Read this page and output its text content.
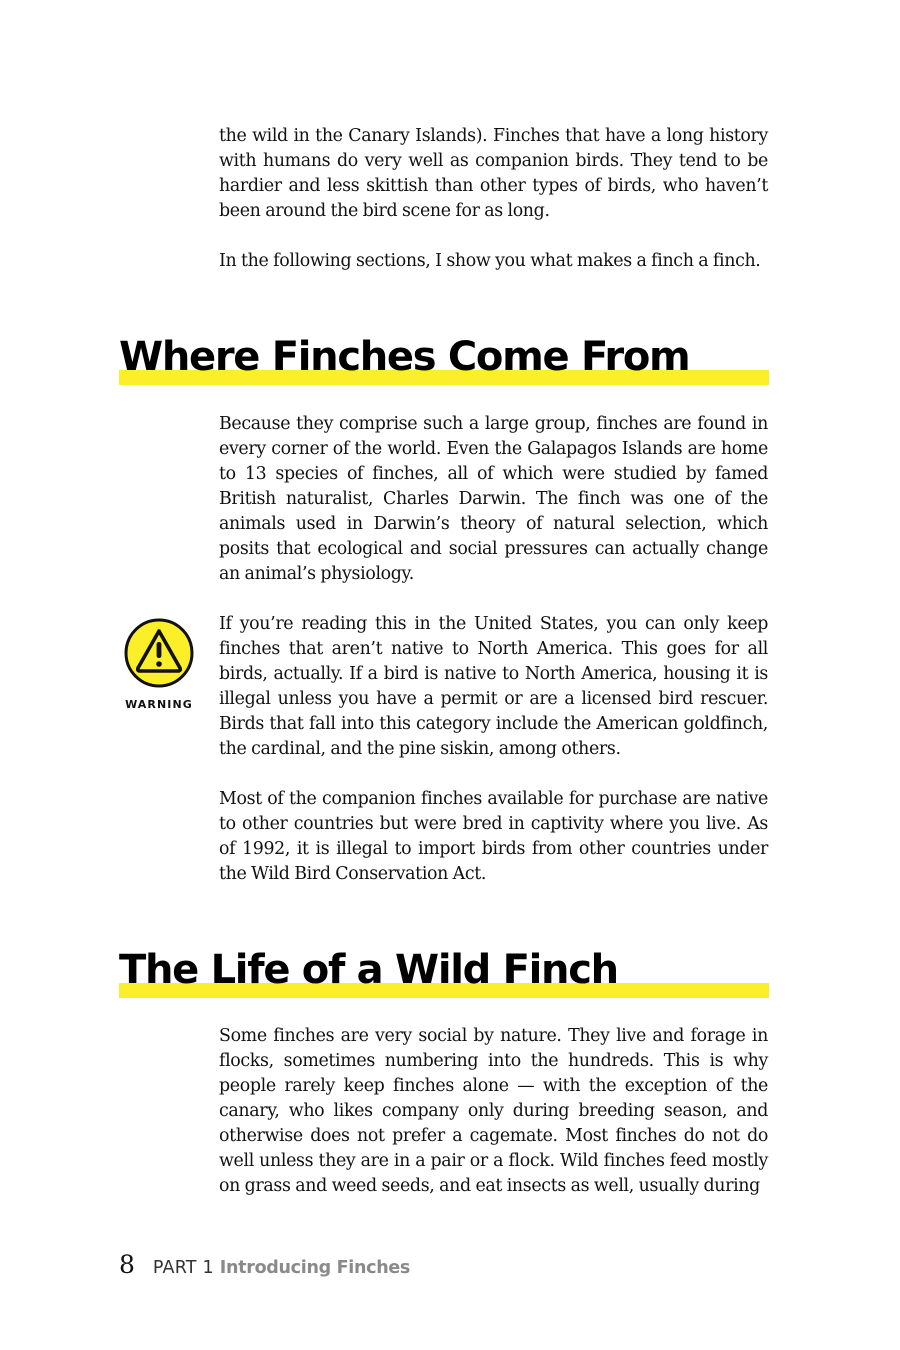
the wild in the Canary Islands). Finches that have a long history with humans do very well as companion birds. They tend to be hardier and less skittish than other types of birds, who haven’t been around the bird scene for as long.

In the following sections, I show you what makes a finch a finch.

Where Finches Come From

Because they comprise such a large group, finches are found in every corner of the world. Even the Galapagos Islands are home to 13 species of finches, all of which were studied by famed British naturalist, Charles Darwin. The finch was one of the animals used in Darwin’s theory of natural selection, which posits that ecological and social pressures can actually change an animal’s physiology.

WARNING

If you’re reading this in the United States, you can only keep finches that aren’t native to North America. This goes for all birds, actually. If a bird is native to North America, housing it is illegal unless you have a permit or are a licensed bird rescuer. Birds that fall into this category include the American goldfinch, the cardinal, and the pine siskin, among others.

Most of the companion finches available for purchase are native to other countries but were bred in captivity where you live. As of 1992, it is illegal to import birds from other countries under the Wild Bird Conservation Act.

The Life of a Wild Finch

Some finches are very social by nature. They live and forage in flocks, sometimes numbering into the hundreds. This is why people rarely keep finches alone — with the exception of the canary, who likes company only during breeding season, and otherwise does not prefer a cagemate. Most finches do not do well unless they are in a pair or a flock. Wild finches feed mostly on grass and weed seeds, and eat insects as well, usually during

8 PART 1 Introducing Finches
